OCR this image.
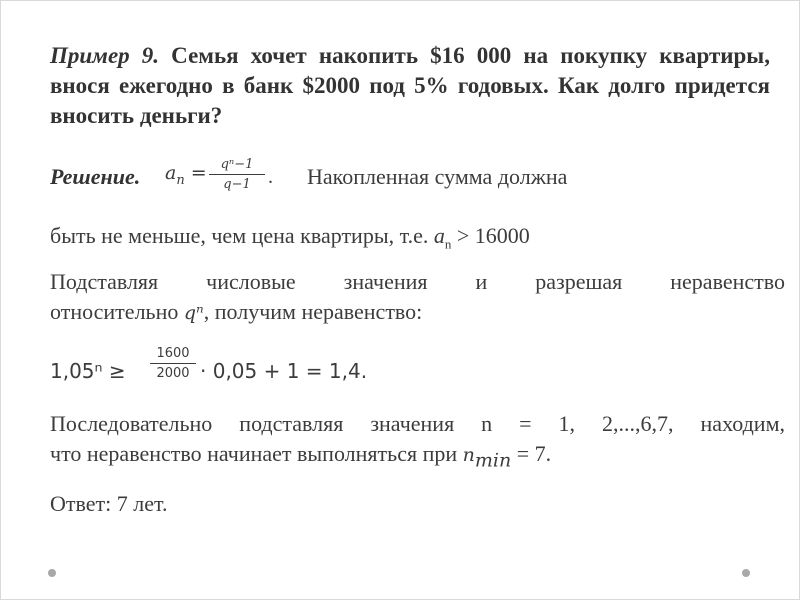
Пример 9. Семья хочет накопить $16 000 на покупку квартиры, внося ежегодно в банк $2000 под 5% годовых. Как долго придется вносить деньги?
Решение. $a_n$ =	qⁿ−1
q−1 . Накопленная сумма должна
быть не меньше, чем цена квартиры, т.е. $a_n > 16000$
Подставляя числовые значения и разрешая неравенство
относительно qⁿ, получим неравенство:
1,05ⁿ ≥
1600
2000 · 0,05 + 1 = 1,4.
Последовательно подставляя значения n = 1, 2,...,6,7, находим,
что неравенство начинает выполняться при $n_{min} = 7$.
Ответ: 7 лет.
